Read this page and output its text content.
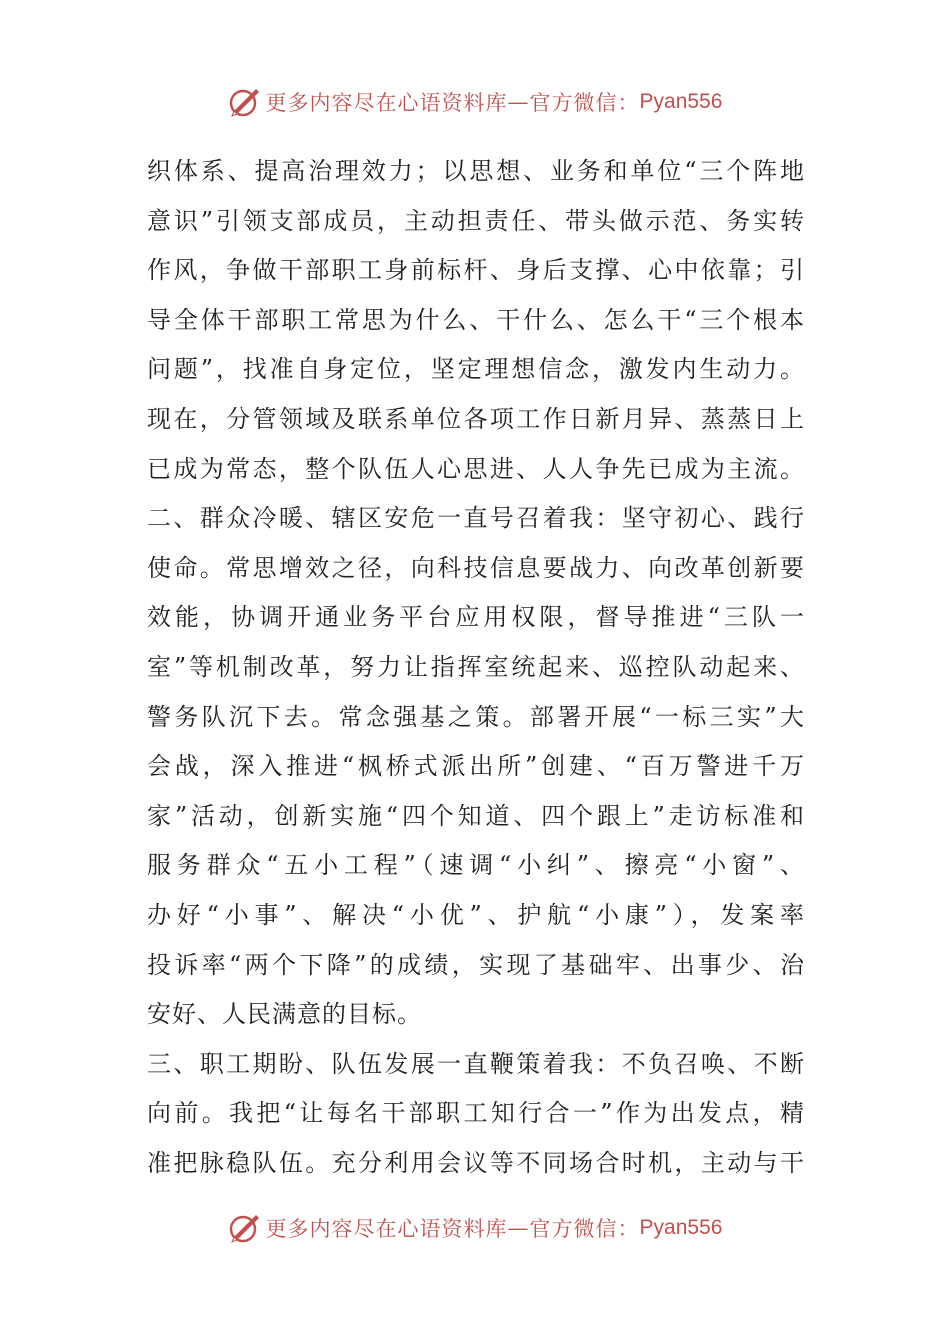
更多内容尽在心语资料库 — 官方微信： Pyan556
织体系、提高治理效力；以思想、业务和单位“三个阵地
意识”引领支部成员，主动担责任、带头做示范、务实转
作风，争做干部职工身前标杆、身后支撑、心中依靠；引
导全体干部职工常思为什么、干什么、怎么干“三个根本
问题”，找准自身定位，坚定理想信念，激发内生动力。
现在，分管领域及联系单位各项工作日新月异、蒸蒸日上
已成为常态，整个队伍人心思进、人人争先已成为主流。
二、群众冷暖、辖区安危一直号召着我：坚守初心、践行
使命。常思增效之径，向科技信息要战力、向改革创新要
效能，协调开通业务平台应用权限，督导推进“三队一
室”等机制改革，努力让指挥室统起来、巡控队动起来、
警务队沉下去。常念强基之策。部署开展“一标三实”大
会战，深入推进“枫桥式派出所”创建、“百万警进千万
家”活动，创新实施“四个知道、四个跟上”走访标准和
服务群众“五小工程”（速调“小纠”、擦亮“小窗”、
办好“小事”、解决“小优”、护航“小康”），发案率
投诉率“两个下降”的成绩，实现了基础牢、出事少、治
安好、人民满意的目标。
三、职工期盼、队伍发展一直鞭策着我：不负召唤、不断
向前。我把“让每名干部职工知行合一”作为出发点，精
准把脉稳队伍。充分利用会议等不同场合时机，主动与干
更多内容尽在心语资料库 — 官方微信： Pyan556
